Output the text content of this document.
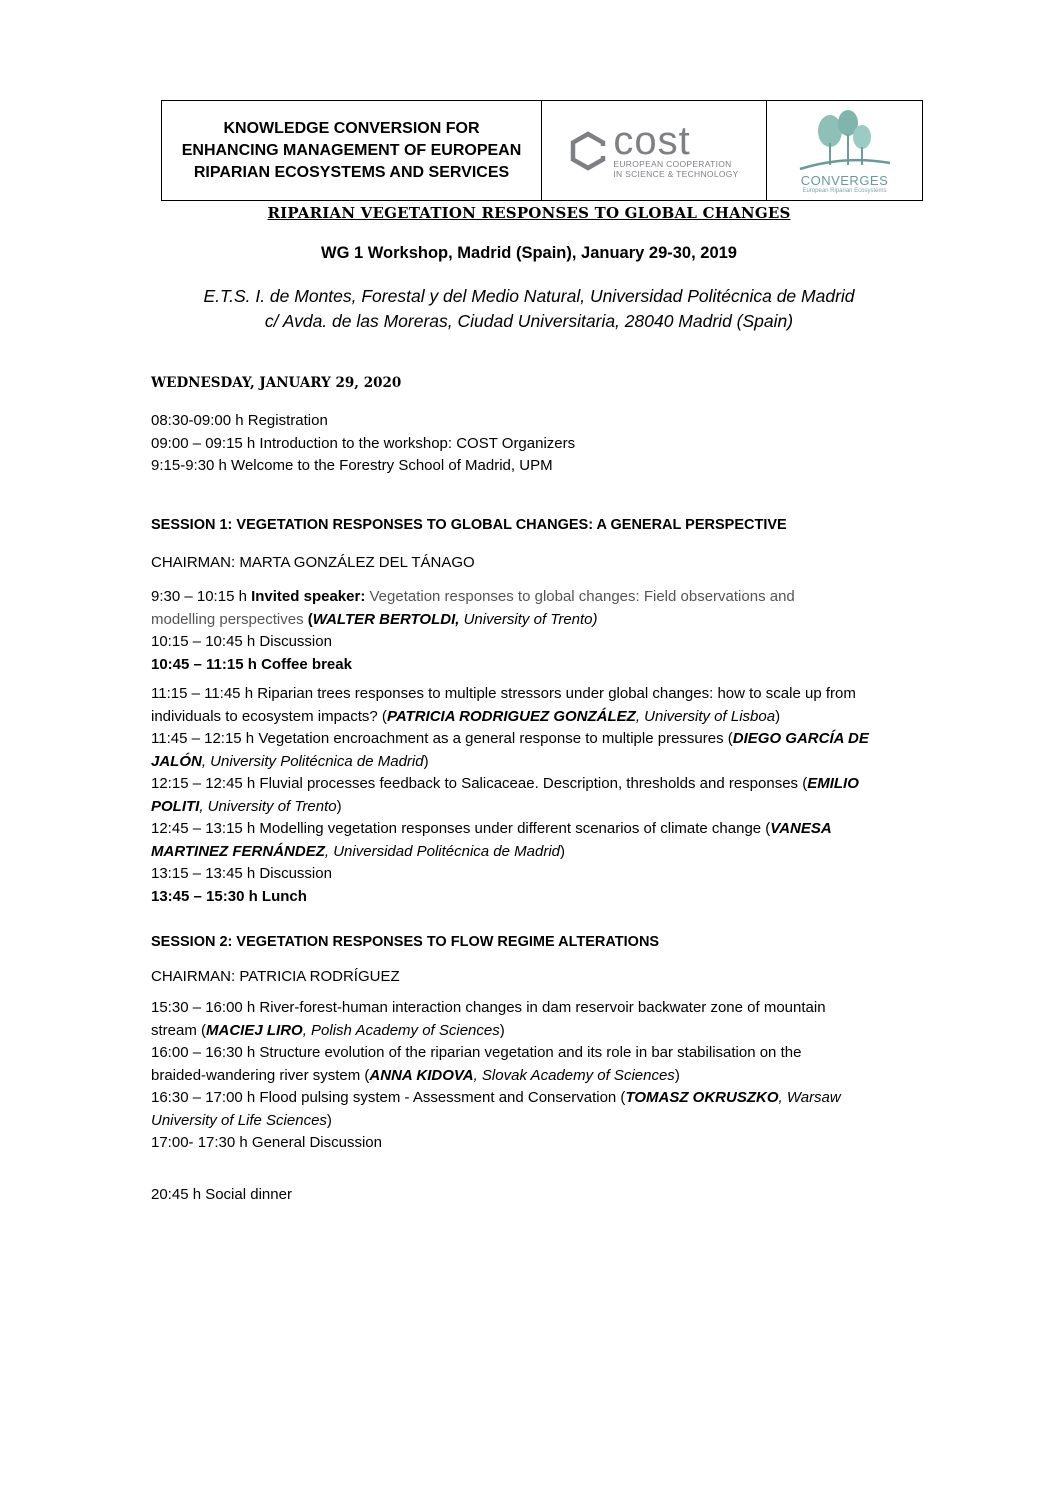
KNOWLEDGE CONVERSION FOR
ENHANCING MANAGEMENT OF EUROPEAN
RIPARIAN ECOSYSTEMS AND SERVICES
cost
EUROPEAN COOPERATION
IN SCIENCE & TECHNOLOGY	CONVERGES
European Riparian Ecosystems
RIPARIAN VEGETATION RESPONSES TO GLOBAL CHANGES
WG 1 Workshop, Madrid (Spain), January 29-30, 2019
E.T.S. I. de Montes, Forestal y del Medio Natural, Universidad Politécnica de Madrid
c/ Avda. de las Moreras, Ciudad Universitaria, 28040 Madrid (Spain)
WEDNESDAY, JANUARY 29, 2020
08:30-09:00 h Registration
09:00 – 09:15 h Introduction to the workshop: COST Organizers
9:15-9:30 h Welcome to the Forestry School of Madrid, UPM
SESSION 1: VEGETATION RESPONSES TO GLOBAL CHANGES: A GENERAL PERSPECTIVE
CHAIRMAN: MARTA GONZÁLEZ DEL TÁNAGO
9:30 – 10:15 h Invited speaker: Vegetation responses to global changes: Field observations and
modelling perspectives (WALTER BERTOLDI, University of Trento)
10:15 – 10:45 h Discussion
10:45 – 11:15 h Coffee break
11:15 – 11:45 h Riparian trees responses to multiple stressors under global changes: how to scale up from
individuals to ecosystem impacts? (PATRICIA RODRIGUEZ GONZÁLEZ, University of Lisboa)
11:45 – 12:15 h Vegetation encroachment as a general response to multiple pressures (DIEGO GARCÍA DE
JALÓN, University Politécnica de Madrid)
12:15 – 12:45 h Fluvial processes feedback to Salicaceae. Description, thresholds and responses (EMILIO
POLITI, University of Trento)
12:45 – 13:15 h Modelling vegetation responses under different scenarios of climate change (VANESA
MARTINEZ FERNÁNDEZ, Universidad Politécnica de Madrid)
13:15 – 13:45 h Discussion
13:45 – 15:30 h Lunch
SESSION 2: VEGETATION RESPONSES TO FLOW REGIME ALTERATIONS
CHAIRMAN: PATRICIA RODRÍGUEZ
15:30 – 16:00 h River-forest-human interaction changes in dam reservoir backwater zone of mountain
stream (MACIEJ LIRO, Polish Academy of Sciences)
16:00 – 16:30 h Structure evolution of the riparian vegetation and its role in bar stabilisation on the
braided-wandering river system (ANNA KIDOVA, Slovak Academy of Sciences)
16:30 – 17:00 h Flood pulsing system - Assessment and Conservation (TOMASZ OKRUSZKO, Warsaw
University of Life Sciences)
17:00- 17:30 h General Discussion
20:45 h Social dinner
